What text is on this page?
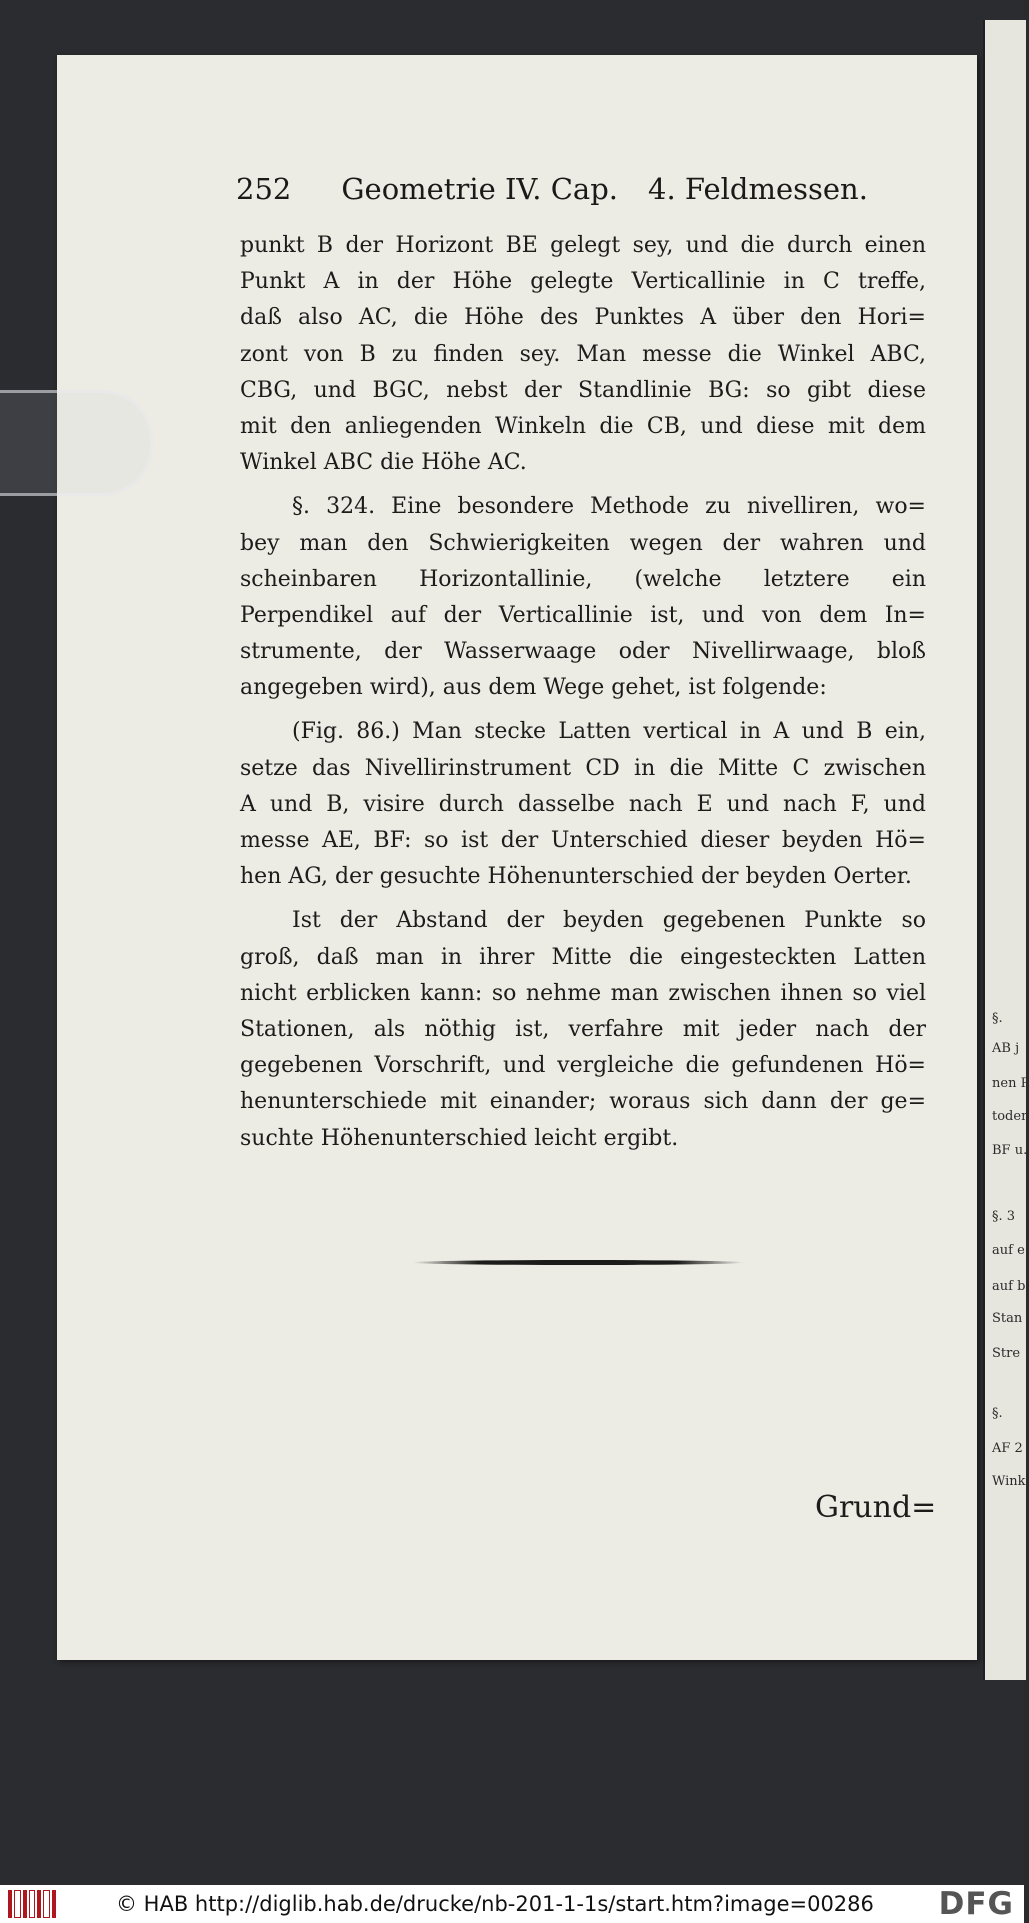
§.
AB j
nen P
toden
BF u.
§. 3
auf e
auf b
Stan
Stre
§.
AF 2
Wink
252 Geometrie IV. Cap. 4. Feldmessen.
punkt B der Horizont BE gelegt sey, und die durch einen
Punkt A in der Höhe gelegte Verticallinie in C treffe,
daß also AC, die Höhe des Punktes A über den Hori=
zont von B zu finden sey. Man messe die Winkel ABC,
CBG, und BGC, nebst der Standlinie BG: so gibt diese
mit den anliegenden Winkeln die CB, und diese mit dem
Winkel ABC die Höhe AC.
§. 324. Eine besondere Methode zu nivelliren, wo=
bey man den Schwierigkeiten wegen der wahren und
scheinbaren Horizontallinie, (welche letztere ein
Perpendikel auf der Verticallinie ist, und von dem In=
strumente, der Wasserwaage oder Nivellirwaage, bloß
angegeben wird), aus dem Wege gehet, ist folgende:
(Fig. 86.) Man stecke Latten vertical in A und B ein,
setze das Nivellirinstrument CD in die Mitte C zwischen
A und B, visire durch dasselbe nach E und nach F, und
messe AE, BF: so ist der Unterschied dieser beyden Hö=
hen AG, der gesuchte Höhenunterschied der beyden Oerter.
Ist der Abstand der beyden gegebenen Punkte so
groß, daß man in ihrer Mitte die eingesteckten Latten
nicht erblicken kann: so nehme man zwischen ihnen so viel
Stationen, als nöthig ist, verfahre mit jeder nach der
gegebenen Vorschrift, und vergleiche die gefundenen Hö=
henunterschiede mit einander; woraus sich dann der ge=
suchte Höhenunterschied leicht ergibt.
Grund=
© HAB http://diglib.hab.de/drucke/nb-201-1-1s/start.htm?image=00286 DFG
